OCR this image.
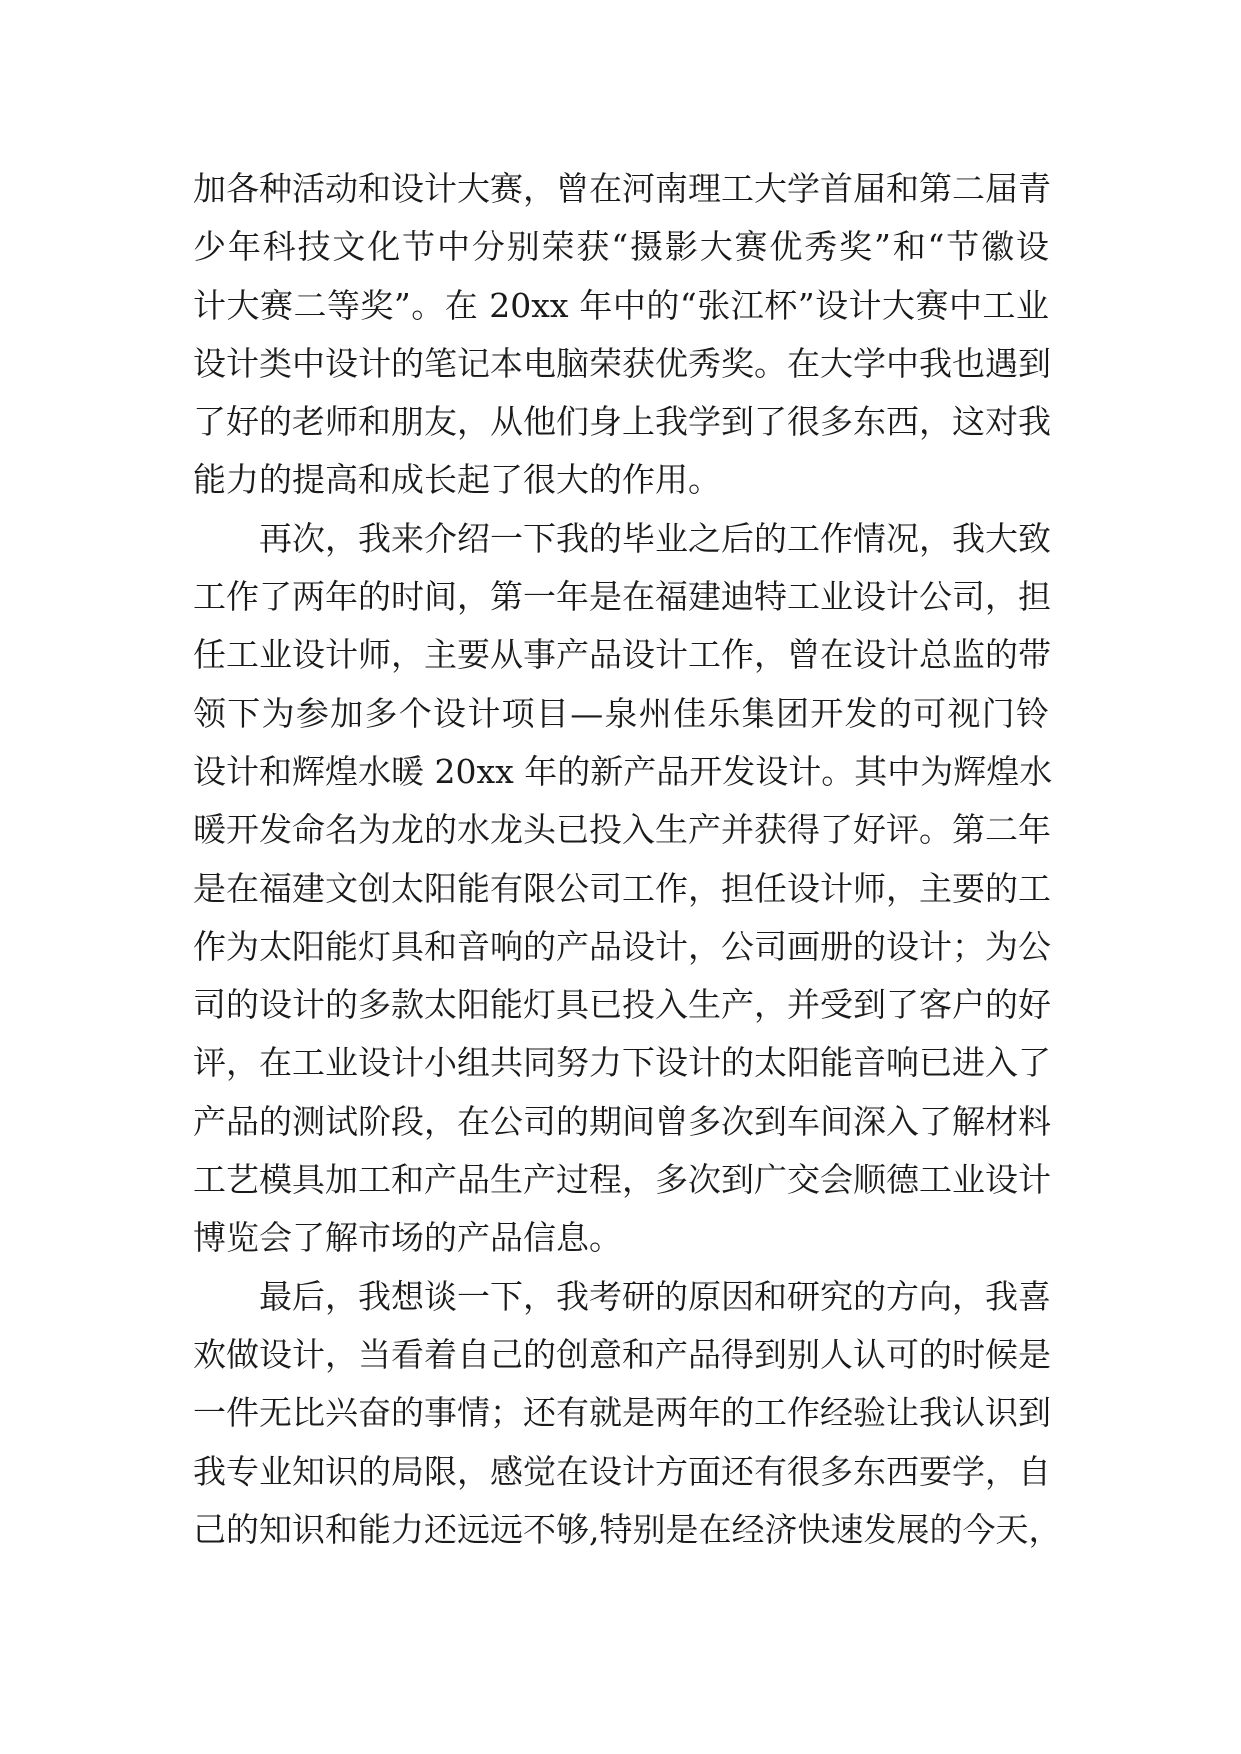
加各种活动和设计大赛，曾在河南理工大学首届和第二届青
少年科技文化节中分别荣获“摄影大赛优秀奖”和“节徽设
计大赛二等奖”。在 20xx 年中的“张江杯”设计大赛中工业
设计类中设计的笔记本电脑荣获优秀奖。在大学中我也遇到
了好的老师和朋友，从他们身上我学到了很多东西，这对我
能力的提高和成长起了很大的作用。
再次，我来介绍一下我的毕业之后的工作情况，我大致
工作了两年的时间，第一年是在福建迪特工业设计公司，担
任工业设计师，主要从事产品设计工作，曾在设计总监的带
领下为参加多个设计项目—泉州佳乐集团开发的可视门铃
设计和辉煌水暖 20xx 年的新产品开发设计。其中为辉煌水
暖开发命名为龙的水龙头已投入生产并获得了好评。第二年
是在福建文创太阳能有限公司工作，担任设计师，主要的工
作为太阳能灯具和音响的产品设计，公司画册的设计；为公
司的设计的多款太阳能灯具已投入生产，并受到了客户的好
评，在工业设计小组共同努力下设计的太阳能音响已进入了
产品的测试阶段，在公司的期间曾多次到车间深入了解材料
工艺模具加工和产品生产过程，多次到广交会顺德工业设计
博览会了解市场的产品信息。
最后，我想谈一下，我考研的原因和研究的方向，我喜
欢做设计，当看着自己的创意和产品得到别人认可的时候是
一件无比兴奋的事情；还有就是两年的工作经验让我认识到
我专业知识的局限，感觉在设计方面还有很多东西要学，自
己的知识和能力还远远不够,特别是在经济快速发展的今天，
